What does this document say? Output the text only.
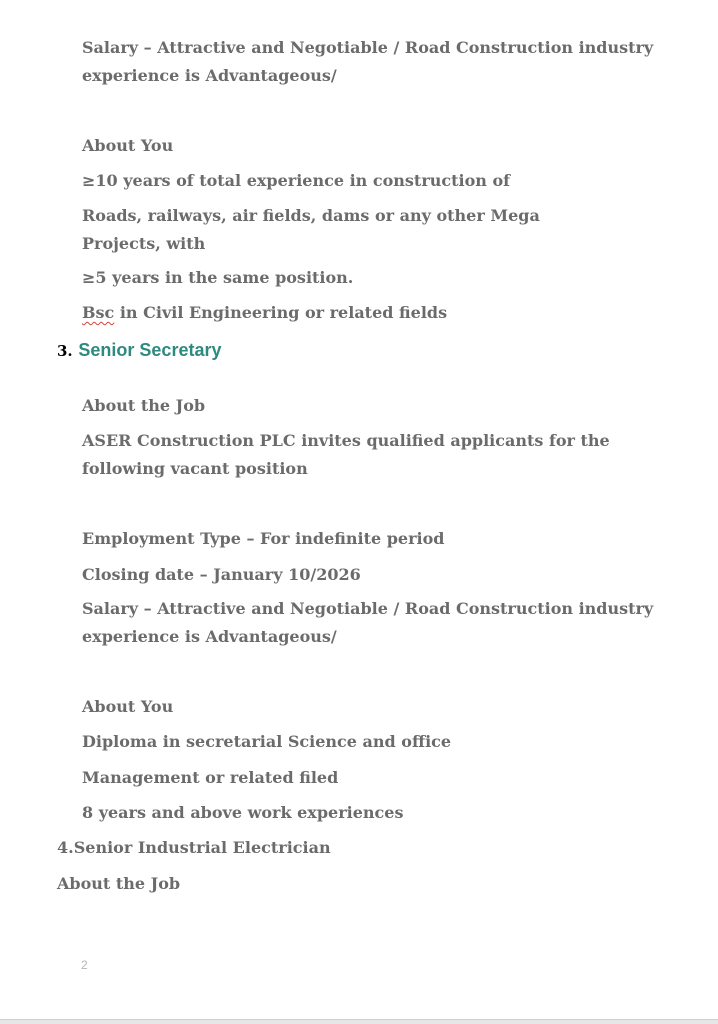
Salary – Attractive and Negotiable / Road Construction industry experience is Advantageous/
About You
≥10 years of total experience in construction of
Roads, railways, air fields, dams or any other Mega Projects, with
≥5 years in the same position.
Bsc in Civil Engineering or related fields
3. Senior Secretary
About the Job
ASER Construction PLC invites qualified applicants for the following vacant position
Employment Type – For indefinite period
Closing date – January 10/2026
Salary – Attractive and Negotiable / Road Construction industry experience is Advantageous/
About You
Diploma in secretarial Science and office
Management or related filed
8 years and above work experiences
4.Senior Industrial Electrician
About the Job
2
